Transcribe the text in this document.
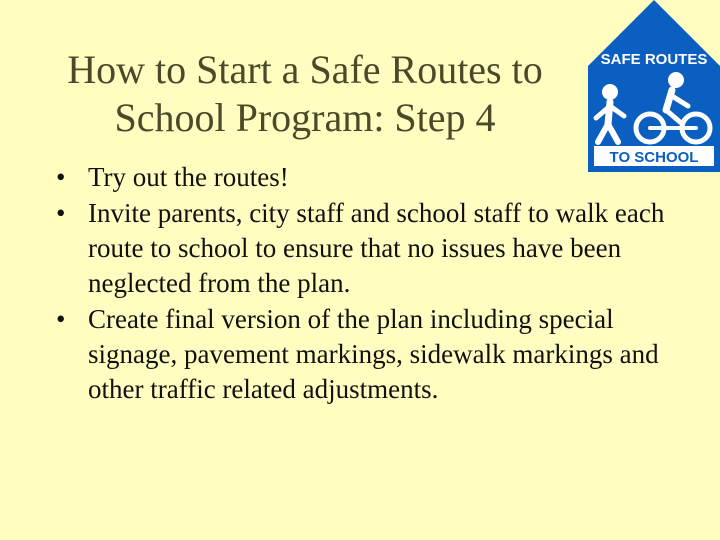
How to Start a Safe Routes to
School Program: Step 4
SAFE ROUTES
TO SCHOOL
• Try out the routes!
• Invite parents, city staff and school staff to walk each route to school to ensure that no issues have been neglected from the plan.
• Create final version of the plan including special signage, pavement markings, sidewalk markings and other traffic related adjustments.
